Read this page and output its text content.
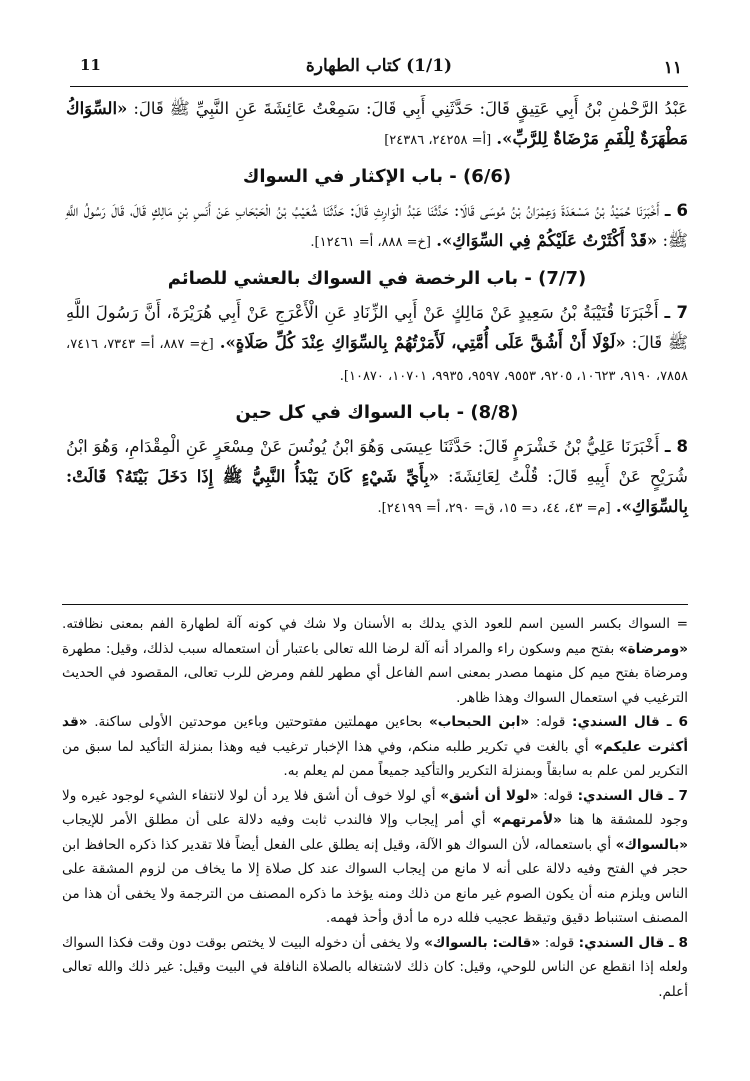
11	(1/1) كتاب الطهارة	١١

عَبْدُ الرَّحْمٰنِ بْنُ أَبِي عَتِيقٍ قَالَ: حَدَّثَنِي أَبِي قَالَ: سَمِعْتُ عَائِشَةَ عَنِ النَّبِيِّ ﷺ قَالَ: «السِّوَاكُ مَطْهَرَةٌ لِلْفَمِ مَرْضَاةٌ لِلرَّبِّ». [أ= ٢٤٢٥٨، ٢٤٣٨٦]

(6/6) - باب الإكثار في السواك

6 ـ أَخْبَرَنَا حُمَيْدُ بْنُ مَسْعَدَةَ وَعِمْرَانُ بْنُ مُوسَى قَالَا: حَدَّثَنَا عَبْدُ الْوَارِثِ قَالَ: حَدَّثَنَا شُعَيْبُ بْنُ الْحَبْحَابِ عَنْ أَنَسِ بْنِ مَالِكٍ قَالَ، قَالَ رَسُولُ اللَّهِ ﷺ: «قَدْ أَكْثَرْتُ عَلَيْكُمْ فِي السِّوَاكِ». [خ= ٨٨٨، أ= ١٢٤٦١].

(7/7) - باب الرخصة في السواك بالعشي للصائم

7 ـ أَخْبَرَنَا قُتَيْبَةُ بْنُ سَعِيدٍ عَنْ مَالِكٍ عَنْ أَبِي الزِّنَادِ عَنِ الْأَعْرَجِ عَنْ أَبِي هُرَيْرَةَ، أَنَّ رَسُولَ اللَّهِ ﷺ قَالَ: «لَوْلَا أَنْ أَشُقَّ عَلَى أُمَّتِي، لَأَمَرْتُهُمْ بِالسِّوَاكِ عِنْدَ كُلِّ صَلَاةٍ». [خ= ٨٨٧، أ= ٧٣٤٣، ٧٤١٦، ٧٨٥٨، ٩١٩٠، ١٠٦٢٣، ٩٢٠٥، ٩٥٥٣، ٩٥٩٧، ٩٩٣٥، ١٠٧٠١، ١٠٨٧٠].

(8/8) - باب السواك في كل حين

8 ـ أَخْبَرَنَا عَلِيُّ بْنُ خَشْرَمٍ قَالَ: حَدَّثَنَا عِيسَى وَهُوَ ابْنُ يُونُسَ عَنْ مِسْعَرٍ عَنِ الْمِقْدَامِ، وَهُوَ ابْنُ شُرَيْحٍ عَنْ أَبِيهِ قَالَ: قُلْتُ لِعَائِشَةَ: «بِأَيِّ شَيْءٍ كَانَ يَبْدَأُ النَّبِيُّ ﷺ إِذَا دَخَلَ بَيْتَهُ؟ قَالَتْ: بِالسِّوَاكِ». [م= ٤٣، ٤٤، د= ١٥، ق= ٢٩٠، أ= ٢٤١٩٩].

= السواك بكسر السين اسم للعود الذي يدلك به الأسنان ولا شك في كونه آلة لطهارة الفم بمعنى نظافته. «ومرضاة» بفتح ميم وسكون راء والمراد أنه آلة لرضا الله تعالى باعتبار أن استعماله سبب لذلك، وقيل: مطهرة ومرضاة بفتح ميم كل منهما مصدر بمعنى اسم الفاعل أي مطهر للفم ومرض للرب تعالى، المقصود في الحديث الترغيب في استعمال السواك وهذا ظاهر.

6 ـ قال السندي: قوله: «ابن الحبحاب» بحاءين مهملتين مفتوحتين وباءين موحدتين الأولى ساكنة. «قد أكثرت عليكم» أي بالغت في تكرير طلبه منكم، وفي هذا الإخبار ترغيب فيه وهذا بمنزلة التأكيد لما سبق من التكرير لمن علم به سابقاً وبمنزلة التكرير والتأكيد جميعاً ممن لم يعلم به.

7 ـ قال السندي: قوله: «لولا أن أشق» أي لولا خوف أن أشق فلا يرد أن لولا لانتفاء الشيء لوجود غيره ولا وجود للمشقة ها هنا «لأمرتهم» أي أمر إيجاب وإلا فالندب ثابت وفيه دلالة على أن مطلق الأمر للإيجاب «بالسواك» أي باستعماله، لأن السواك هو الآلة، وقيل إنه يطلق على الفعل أيضاً فلا تقدير كذا ذكره الحافظ ابن حجر في الفتح وفيه دلالة على أنه لا مانع من إيجاب السواك عند كل صلاة إلا ما يخاف من لزوم المشقة على الناس ويلزم منه أن يكون الصوم غير مانع من ذلك ومنه يؤخذ ما ذكره المصنف من الترجمة ولا يخفى أن هذا من المصنف استنباط دقيق وتيقظ عجيب فلله دره ما أدق وأحذ فهمه.

8 ـ قال السندي: قوله: «قالت: بالسواك» ولا يخفى أن دخوله البيت لا يختص بوقت دون وقت فكذا السواك ولعله إذا انقطع عن الناس للوحي، وقيل: كان ذلك لاشتغاله بالصلاة النافلة في البيت وقيل: غير ذلك والله تعالى أعلم.
